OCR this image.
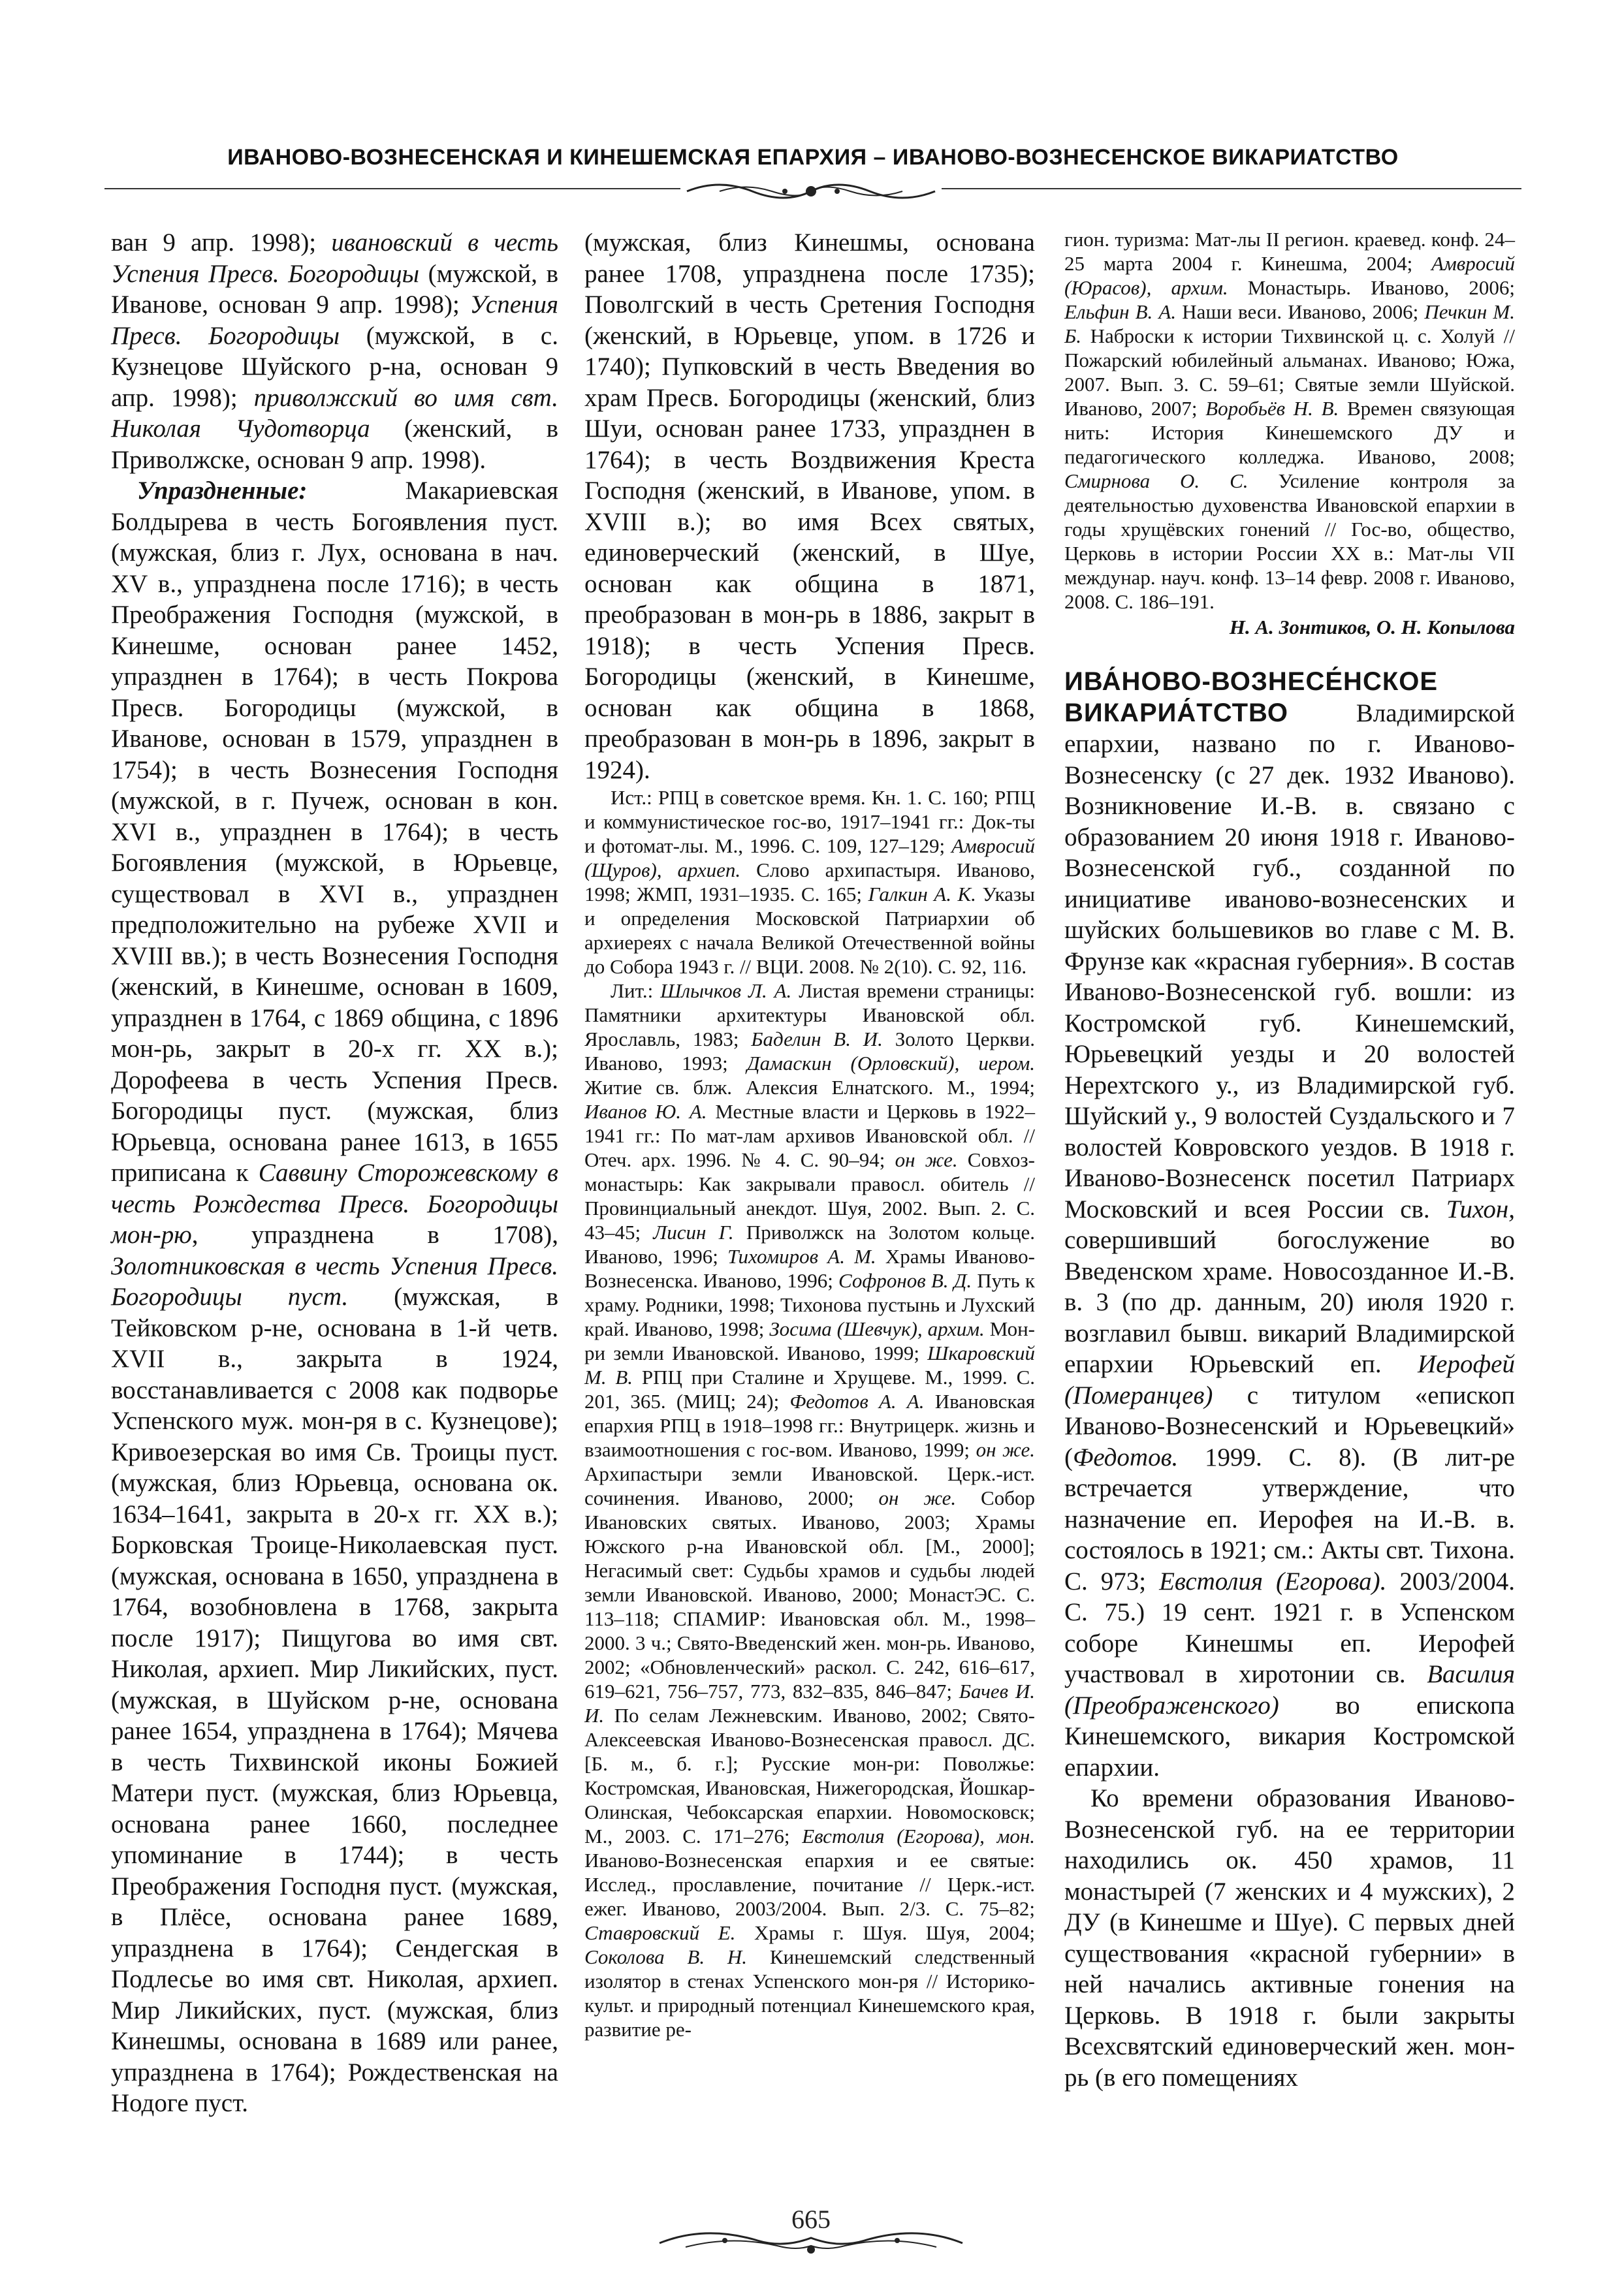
ИВАНОВО-ВОЗНЕСЕНСКАЯ И КИНЕШЕМСКАЯ ЕПАРХИЯ – ИВАНОВО-ВОЗНЕСЕНСКОЕ ВИКАРИАТСТВО

ван 9 апр. 1998); ивановский в честь Успения Пресв. Богородицы (мужской, в Иванове, основан 9 апр. 1998); Успения Пресв. Богородицы (мужской, в с. Кузнецове Шуйского р-на, основан 9 апр. 1998); приволжский во имя свт. Николая Чудотворца (женский, в Приволжске, основан 9 апр. 1998).

Упраздненные: Макариевская Болдырева в честь Богоявления пуст. (мужская, близ г. Лух, основана в нач. XV в., упразднена после 1716); в честь Преображения Господня (мужской, в Кинешме, основан ранее 1452, упразднен в 1764); в честь Покрова Пресв. Богородицы (мужской, в Иванове, основан в 1579, упразднен в 1754); в честь Вознесения Господня (мужской, в г. Пучеж, основан в кон. XVI в., упразднен в 1764); в честь Богоявления (мужской, в Юрьевце, существовал в XVI в., упразднен предположительно на рубеже XVII и XVIII вв.); в честь Вознесения Господня (женский, в Кинешме, основан в 1609, упразднен в 1764, с 1869 община, с 1896 мон-рь, закрыт в 20-х гг. XX в.); Дорофеева в честь Успения Пресв. Богородицы пуст. (мужская, близ Юрьевца, основана ранее 1613, в 1655 приписана к Саввину Сторожевскому в честь Рождества Пресв. Богородицы мон-рю, упразднена в 1708), Золотниковская в честь Успения Пресв. Богородицы пуст. (мужская, в Тейковском р-не, основана в 1-й четв. XVII в., закрыта в 1924, восстанавливается с 2008 как подворье Успенского муж. мон-ря в с. Кузнецове); Кривоезерская во имя Св. Троицы пуст. (мужская, близ Юрьевца, основана ок. 1634–1641, закрыта в 20-х гг. XX в.); Борковская Троице-Николаевская пуст. (мужская, основана в 1650, упразднена в 1764, возобновлена в 1768, закрыта после 1917); Пищугова во имя свт. Николая, архиеп. Мир Ликийских, пуст. (мужская, в Шуйском р-не, основана ранее 1654, упразднена в 1764); Мячева в честь Тихвинской иконы Божией Матери пуст. (мужская, близ Юрьевца, основана ранее 1660, последнее упоминание в 1744); в честь Преображения Господня пуст. (мужская, в Плёсе, основана ранее 1689, упразднена в 1764); Сендегская в Подлесье во имя свт. Николая, архиеп. Мир Ликийских, пуст. (мужская, близ Кинешмы, основана в 1689 или ранее, упразднена в 1764); Рождественская на Нодоге пуст.

(мужская, близ Кинешмы, основана ранее 1708, упразднена после 1735); Поволгский в честь Сретения Господня (женский, в Юрьевце, упом. в 1726 и 1740); Пупковский в честь Введения во храм Пресв. Богородицы (женский, близ Шуи, основан ранее 1733, упразднен в 1764); в честь Воздвижения Креста Господня (женский, в Иванове, упом. в XVIII в.); во имя Всех святых, единоверческий (женский, в Шуе, основан как община в 1871, преобразован в мон-рь в 1886, закрыт в 1918); в честь Успения Пресв. Богородицы (женский, в Кинешме, основан как община в 1868, преобразован в мон-рь в 1896, закрыт в 1924).

Ист.: РПЦ в советское время. Кн. 1. С. 160; РПЦ и коммунистическое гос-во, 1917–1941 гг.: Док-ты и фотомат-лы. М., 1996. С. 109, 127–129; Амвросий (Щуров), архиеп. Слово архипастыря. Иваново, 1998; ЖМП, 1931–1935. С. 165; Галкин А. К. Указы и определения Московской Патриархии об архиереях с начала Великой Отечественной войны до Собора 1943 г. // ВЦИ. 2008. № 2(10). С. 92, 116.

Лит.: Шлычков Л. А. Листая времени страницы: Памятники архитектуры Ивановской обл. Ярославль, 1983; Баделин В. И. Золото Церкви. Иваново, 1993; Дамаскин (Орловский), иером. Житие св. блж. Алексия Елнатского. М., 1994; Иванов Ю. А. Местные власти и Церковь в 1922–1941 гг.: По мат-лам архивов Ивановской обл. // Отеч. арх. 1996. № 4. С. 90–94; он же. Совхоз-монастырь: Как закрывали правосл. обитель // Провинциальный анекдот. Шуя, 2002. Вып. 2. С. 43–45; Лисин Г. Приволжск на Золотом кольце. Иваново, 1996; Тихомиров А. М. Храмы Ивановo-Вознесенска. Иваново, 1996; Софронов В. Д. Путь к храму. Родники, 1998; Тихонова пустынь и Лухский край. Иваново, 1998; Зосима (Шевчук), архим. Мон-ри земли Ивановской. Иваново, 1999; Шкаровский М. В. РПЦ при Сталине и Хрущеве. М., 1999. С. 201, 365. (МИЦ; 24); Федотов А. А. Ивановская епархия РПЦ в 1918–1998 гг.: Внутрицерк. жизнь и взаимоотношения с гос-вом. Иваново, 1999; он же. Архипастыри земли Ивановской. Церк.-ист. сочинения. Иваново, 2000; он же. Собор Ивановских святых. Иваново, 2003; Храмы Южского р-на Ивановской обл. [М., 2000]; Негасимый свет: Судьбы храмов и судьбы людей земли Ивановской. Иваново, 2000; МонастЭС. С. 113–118; СПАМИР: Ивановская обл. М., 1998–2000. 3 ч.; Свято-Введенский жен. мон-рь. Иваново, 2002; «Обновленческий» раскол. С. 242, 616–617, 619–621, 756–757, 773, 832–835, 846–847; Бачев И. И. По селам Лежневским. Иваново, 2002; Свято-Алексеевская Иваново-Вознесенская правосл. ДС. [Б. м., б. г.]; Русские мон-ри: Поволжье: Костромская, Ивановская, Нижегородская, Йошкар-Олинская, Чебоксарская епархии. Новомосковск; М., 2003. С. 171–276; Евстолия (Егорова), мон. Иваново-Вознесенская епархия и ее святые: Исслед., прославление, почитание // Церк.-ист. ежег. Иваново, 2003/2004. Вып. 2/3. С. 75–82; Ставровский Е. Храмы г. Шуя. Шуя, 2004; Соколова В. Н. Кинешемский следственный изолятор в стенах Успенского мон-ря // Историко-культ. и природный потенциал Кинешемского края, развитие ре-

гион. туризма: Мат-лы II регион. краевед. конф. 24–25 марта 2004 г. Кинешма, 2004; Амвросий (Юрасов), архим. Монастырь. Иваново, 2006; Ельфин В. А. Наши веси. Иваново, 2006; Печкин М. Б. Наброски к истории Тихвинской ц. с. Холуй // Пожарский юбилейный альманах. Иваново; Южа, 2007. Вып. 3. С. 59–61; Святые земли Шуйской. Иваново, 2007; Воробьёв Н. В. Времен связующая нить: История Кинешемского ДУ и педагогического колледжа. Иваново, 2008; Смирнова О. С. Усиление контроля за деятельностью духовенства Ивановской епархии в годы хрущёвских гонений // Гос-во, общество, Церковь в истории России XX в.: Мат-лы VII междунар. науч. конф. 13–14 февр. 2008 г. Иваново, 2008. С. 186–191.

Н. А. Зонтиков, О. Н. Копылова

ИВА́НОВО-ВОЗНЕСЕ́НСКОЕ ВИКАРИА́ТСТВО Владимирской епархии, названо по г. Иваново-Вознесенску (с 27 дек. 1932 Иваново). Возникновение И.-В. в. связано с образованием 20 июня 1918 г. Иваново-Вознесенской губ., созданной по инициативе иваново-вознесенских и шуйских большевиков во главе с М. В. Фрунзе как «красная губерния». В состав Иваново-Вознесенской губ. вошли: из Костромской губ. Кинешемский, Юрьевецкий уезды и 20 волостей Нерехтского у., из Владимирской губ. Шуйский у., 9 волостей Суздальского и 7 волостей Ковровского уездов. В 1918 г. Иваново-Вознесенск посетил Патриарх Московский и всея России св. Тихон, совершивший богослужение во Введенском храме. Новосозданное И.-В. в. 3 (по др. данным, 20) июля 1920 г. возглавил бывш. викарий Владимирской епархии Юрьевский еп. Иерофей (Померанцев) с титулом «епископ Иваново-Вознесенский и Юрьевецкий» (Федотов. 1999. С. 8). (В лит-ре встречается утверждение, что назначение еп. Иерофея на И.-В. в. состоялось в 1921; см.: Акты свт. Тихона. С. 973; Евстолия (Егорова). 2003/2004. С. 75.) 19 сент. 1921 г. в Успенском соборе Кинешмы еп. Иерофей участвовал в хиротонии св. Василия (Преображенского) во епископа Кинешемского, викария Костромской епархии.

Ко времени образования Иваново-Вознесенской губ. на ее территории находились ок. 450 храмов, 11 монастырей (7 женских и 4 мужских), 2 ДУ (в Кинешме и Шуе). С первых дней существования «красной губернии» в ней начались активные гонения на Церковь. В 1918 г. были закрыты Всехсвятский единоверческий жен. мон-рь (в его помещениях

665
